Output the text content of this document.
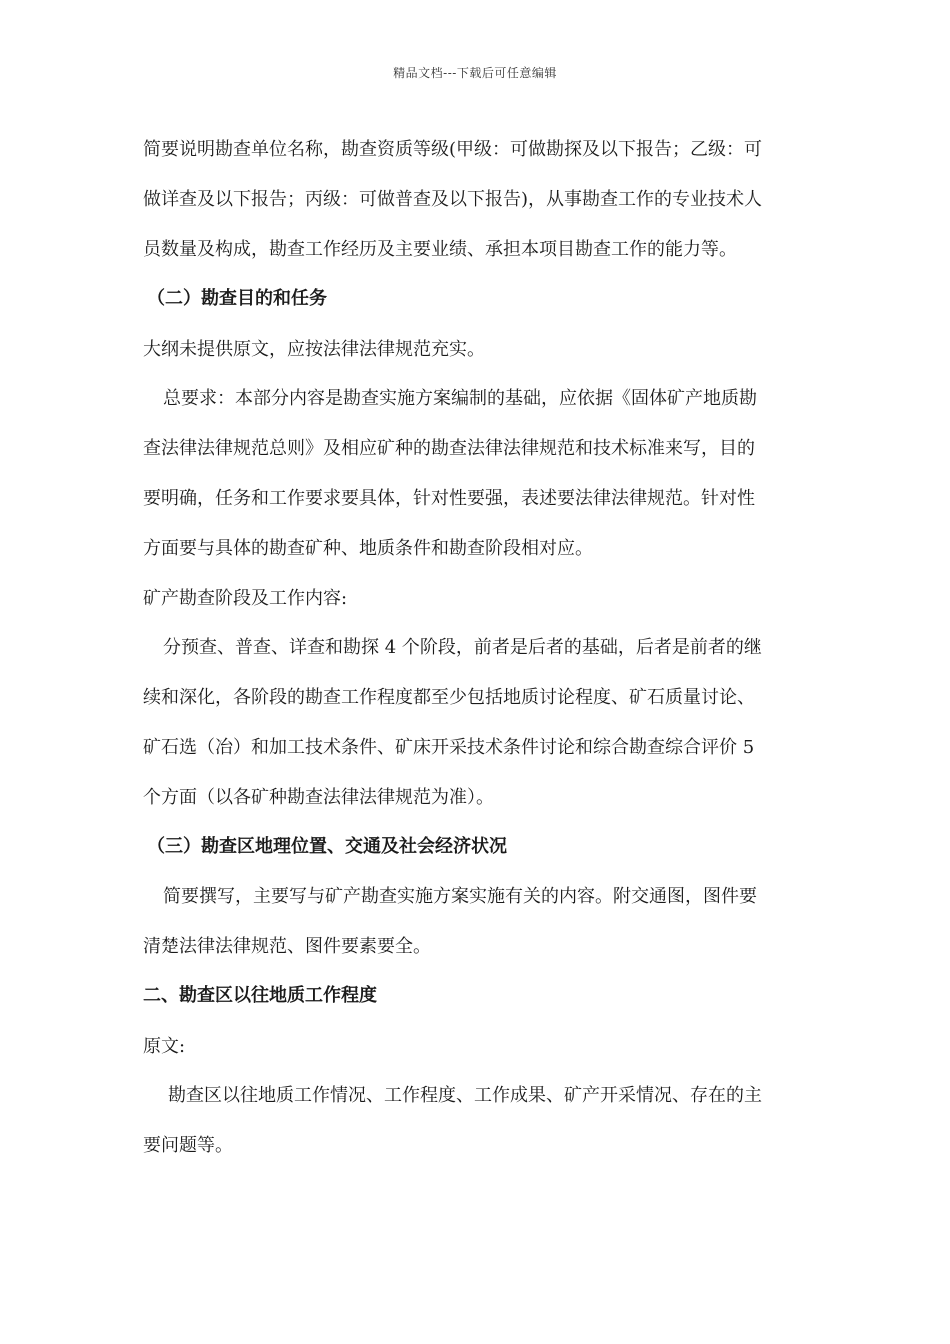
精品文档---下载后可任意编辑
简要说明勘查单位名称，勘查资质等级(甲级：可做勘探及以下报告；乙级：可
做详查及以下报告；丙级：可做普查及以下报告)，从事勘查工作的专业技术人
员数量及构成，勘查工作经历及主要业绩、承担本项目勘查工作的能力等。
（二）勘查目的和任务
大纲未提供原文，应按法律法律规范充实。
总要求：本部分内容是勘查实施方案编制的基础，应依据《固体矿产地质勘
查法律法律规范总则》及相应矿种的勘查法律法律规范和技术标准来写，目的
要明确，任务和工作要求要具体，针对性要强，表述要法律法律规范。针对性
方面要与具体的勘查矿种、地质条件和勘查阶段相对应。
矿产勘查阶段及工作内容:
分预查、普查、详查和勘探 4 个阶段，前者是后者的基础，后者是前者的继
续和深化，各阶段的勘查工作程度都至少包括地质讨论程度、矿石质量讨论、
矿石选（冶）和加工技术条件、矿床开采技术条件讨论和综合勘查综合评价 5
个方面（以各矿种勘查法律法律规范为准）。
（三）勘查区地理位置、交通及社会经济状况
简要撰写，主要写与矿产勘查实施方案实施有关的内容。附交通图，图件要
清楚法律法律规范、图件要素要全。
二、勘查区以往地质工作程度
原文:
勘查区以往地质工作情况、工作程度、工作成果、矿产开采情况、存在的主
要问题等。
